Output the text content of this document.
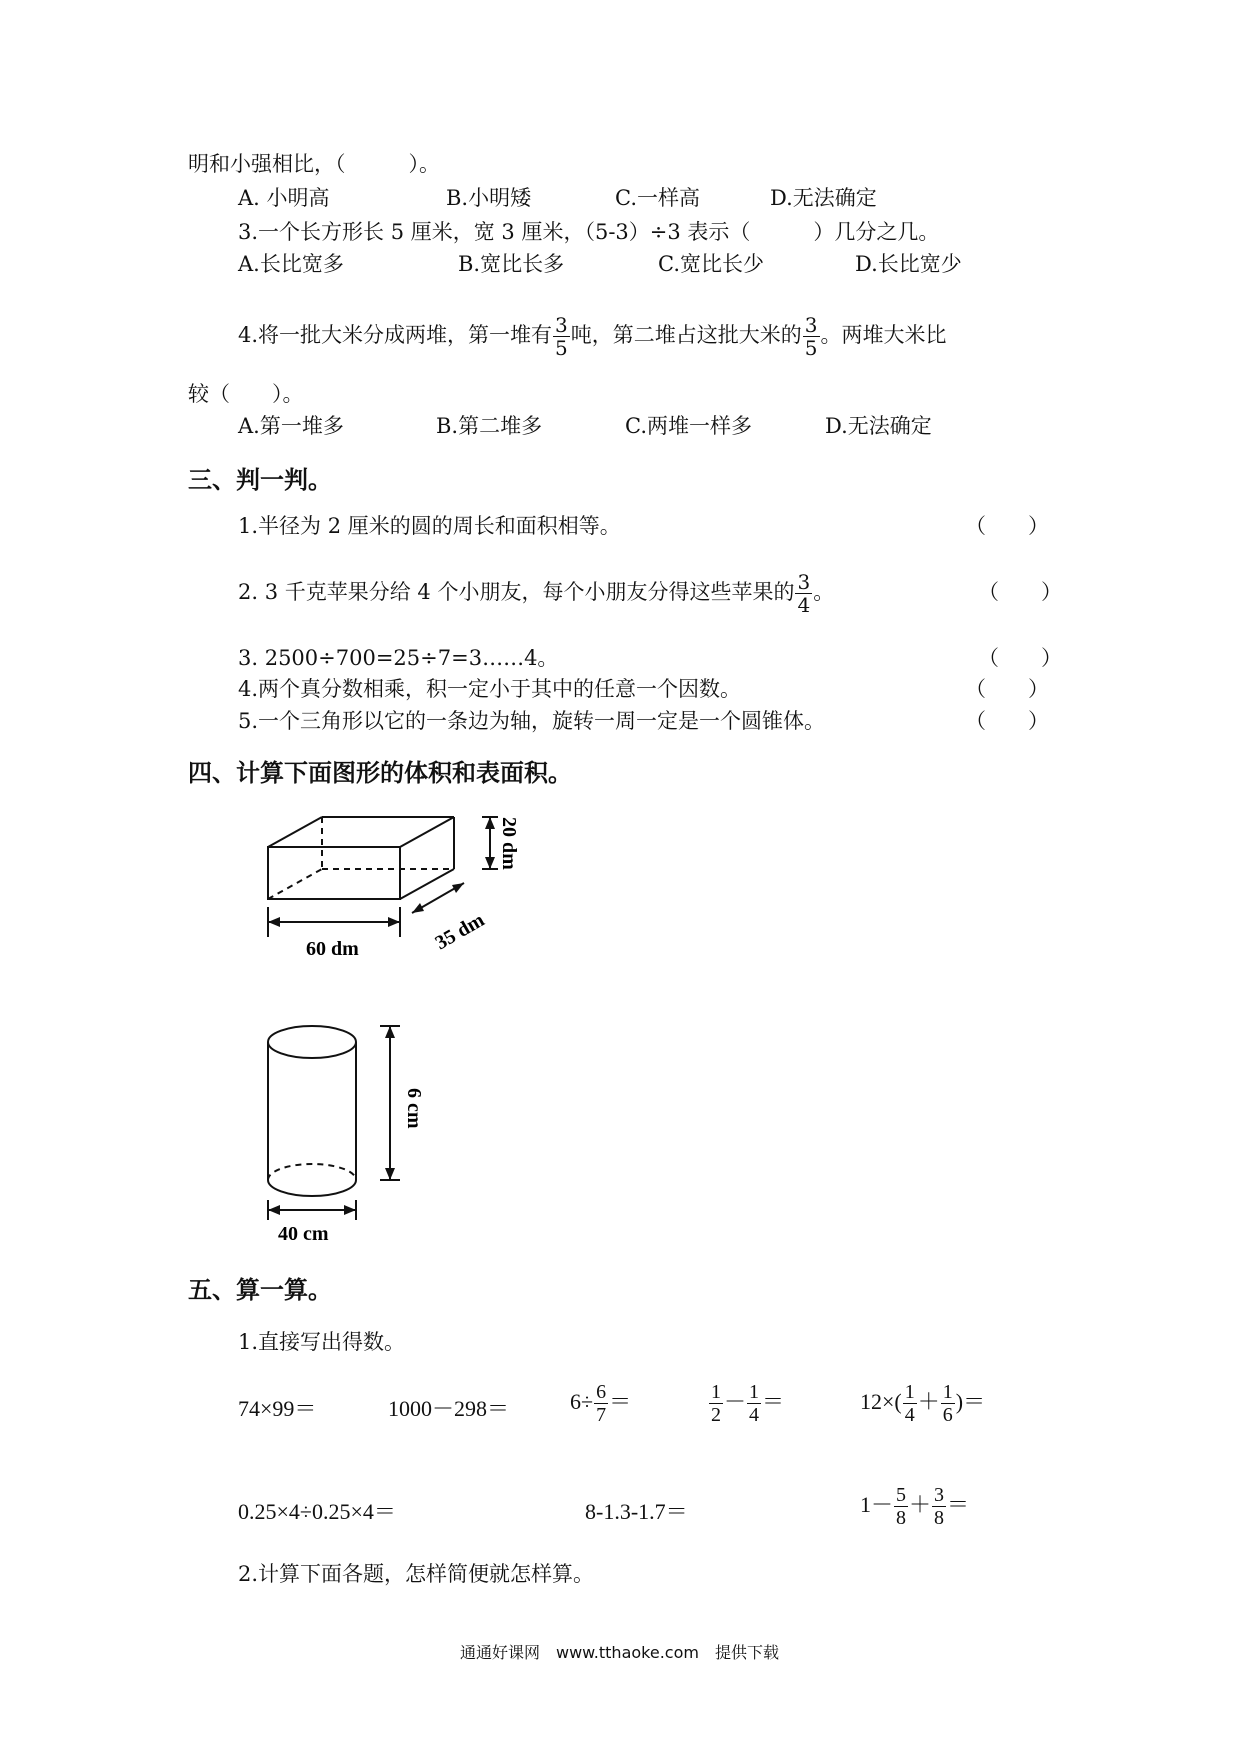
明和小强相比，（　　　）。
A. 小明高	B.小明矮	C.一样高	D.无法确定
3.一个长方形长 5 厘米，宽 3 厘米，（5-3）÷3 表示（　　　）几分之几。
A.长比宽多	B.宽比长多	C.宽比长少	D.长比宽少
4.将一批大米分成两堆，第一堆有 $\frac{3}{5}$ 吨，第二堆占这批大米的 $\frac{3}{5}$ 。两堆大米比
较（　　）。
A.第一堆多	B.第二堆多	C.两堆一样多	D.无法确定
三、判一判。
1.半径为 2 厘米的圆的周长和面积相等。	（　　）
2. 3 千克苹果分给 4 个小朋友，每个小朋友分得这些苹果的 $\frac{3}{4}$ 。	（　　）
3. 2500÷700=25÷7=3……4。	（　　）
4.两个真分数相乘，积一定小于其中的任意一个因数。	（　　）
5.一个三角形以它的一条边为轴，旋转一周一定是一个圆锥体。	（　　）
四、计算下面图形的体积和表面积。
20 dm
60 dm	35 dm
6 cm
40 cm
五、算一算。
1.直接写出得数。
74×99＝	1000－298＝	$6\div \frac{6}{7}$ ＝	$\frac{1}{2} - \frac{1}{4}$ ＝	$12\times( \frac{1}{4} + \frac{1}{6}$ )＝
0.25×4÷0.25×4＝	8-1.3-1.7＝	$1- \frac{5}{8} + \frac{3}{8}$ ＝
2.计算下面各题，怎样简便就怎样算。
通通好课网　www.tthaoke.com　提供下载
